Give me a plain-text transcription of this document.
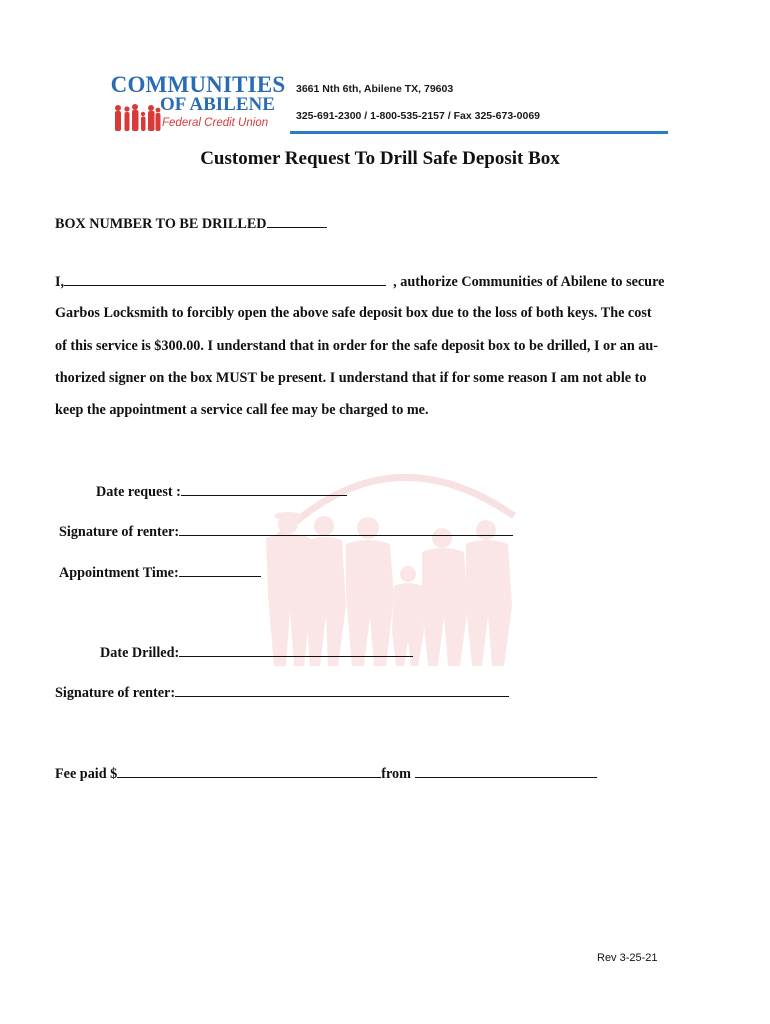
COMMUNITIES
OF ABILENE
Federal Credit Union
3661 Nth 6th, Abilene TX, 79603
325-691-2300 / 1-800-535-2157 / Fax 325-673-0069
Customer Request To Drill Safe Deposit Box
BOX NUMBER TO BE DRILLED
I,	, authorize Communities of Abilene to secure
Garbos Locksmith to forcibly open the above safe deposit box due to the loss of both keys. The cost
of this service is $300.00. I understand that in order for the safe deposit box to be drilled, I or an au-
thorized signer on the box MUST be present. I understand that if for some reason I am not able to
keep the appointment a service call fee may be charged to me.
Date request :
Signature of renter:
Appointment Time:
Date Drilled:
Signature of renter:
Fee paid $	from
Rev 3-25-21
